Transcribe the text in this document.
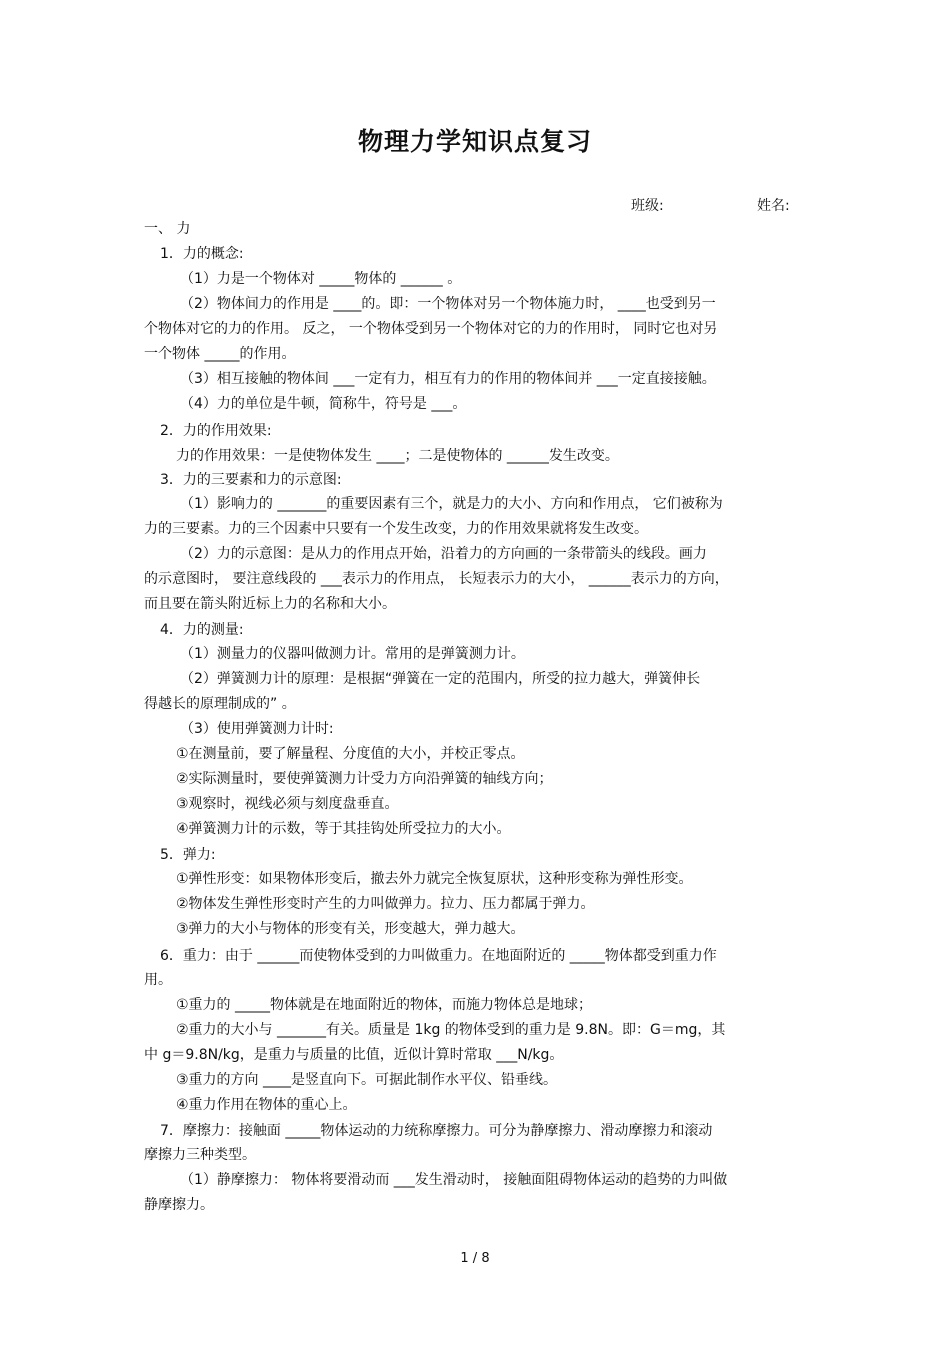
物理力学知识点复习
班级:	姓名:
一、 力
1．力的概念:
（1）力是一个物体对 _____物体的 ______ 。
（2）物体间力的作用是 ____的。即：一个物体对另一个物体施力时， ____也受到另一
个物体对它的力的作用。 反之， 一个物体受到另一个物体对它的力的作用时， 同时它也对另
一个物体 _____的作用。
（3）相互接触的物体间 ___一定有力，相互有力的作用的物体间并 ___一定直接接触。
（4）力的单位是牛顿，简称牛，符号是 ___。
2．力的作用效果:
力的作用效果：一是使物体发生 ____；二是使物体的 ______发生改变。
3．力的三要素和力的示意图:
（1）影响力的 _______的重要因素有三个，就是力的大小、方向和作用点， 它们被称为
力的三要素。力的三个因素中只要有一个发生改变，力的作用效果就将发生改变。
（2）力的示意图：是从力的作用点开始，沿着力的方向画的一条带箭头的线段。画力
的示意图时， 要注意线段的 ___表示力的作用点， 长短表示力的大小， ______表示力的方向，
而且要在箭头附近标上力的名称和大小。
4．力的测量:
（1）测量力的仪器叫做测力计。常用的是弹簧测力计。
（2）弹簧测力计的原理：是根据“弹簧在一定的范围内，所受的拉力越大，弹簧伸长
得越长的原理制成的” 。
（3）使用弹簧测力计时:
①在测量前，要了解量程、分度值的大小，并校正零点。
②实际测量时，要使弹簧测力计受力方向沿弹簧的轴线方向；
③观察时，视线必须与刻度盘垂直。
④弹簧测力计的示数，等于其挂钩处所受拉力的大小。
5．弹力:
①弹性形变：如果物体形变后，撤去外力就完全恢复原状，这种形变称为弹性形变。
②物体发生弹性形变时产生的力叫做弹力。拉力、压力都属于弹力。
③弹力的大小与物体的形变有关，形变越大，弹力越大。
6．重力：由于 ______而使物体受到的力叫做重力。在地面附近的 _____物体都受到重力作
用。
①重力的 _____物体就是在地面附近的物体，而施力物体总是地球；
②重力的大小与 _______有关。质量是 1kg 的物体受到的重力是 9.8N。即：G＝mg，其
中 g＝9.8N/kg，是重力与质量的比值，近似计算时常取 ___N/kg。
③重力的方向 ____是竖直向下。可据此制作水平仪、铅垂线。
④重力作用在物体的重心上。
7．摩擦力：接触面 _____物体运动的力统称摩擦力。可分为静摩擦力、滑动摩擦力和滚动
摩擦力三种类型。
（1）静摩擦力： 物体将要滑动而 ___发生滑动时， 接触面阻碍物体运动的趋势的力叫做
静摩擦力。
1 / 8
